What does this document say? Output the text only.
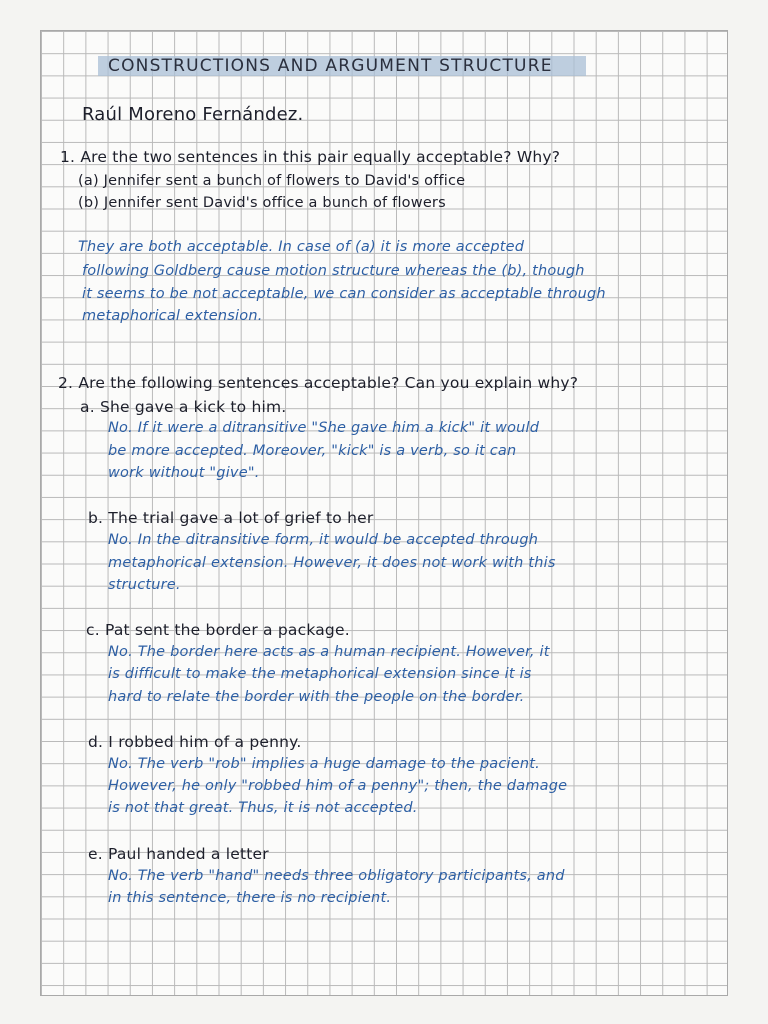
CONSTRUCTIONS AND ARGUMENT STRUCTURE
Raúl Moreno Fernández.
1. Are the two sentences in this pair equally acceptable? Why?
(a) Jennifer sent a bunch of flowers to David's office
(b) Jennifer sent David's office a bunch of flowers
They are both acceptable. In case of (a) it is more accepted
following Goldberg cause motion structure whereas the (b), though
it seems to be not acceptable, we can consider as acceptable through
metaphorical extension.
2. Are the following sentences acceptable? Can you explain why?
a. She gave a kick to him.
No. If it were a ditransitive "She gave him a kick" it would
be more accepted. Moreover, "kick" is a verb, so it can
work without "give".
b. The trial gave a lot of grief to her
No. In the ditransitive form, it would be accepted through
metaphorical extension. However, it does not work with this
structure.
c. Pat sent the border a package.
No. The border here acts as a human recipient. However, it
is difficult to make the metaphorical extension since it is
hard to relate the border with the people on the border.
d. I robbed him of a penny.
No. The verb "rob" implies a huge damage to the pacient.
However, he only "robbed him of a penny"; then, the damage
is not that great. Thus, it is not accepted.
e. Paul handed a letter
No. The verb "hand" needs three obligatory participants, and
in this sentence, there is no recipient.
